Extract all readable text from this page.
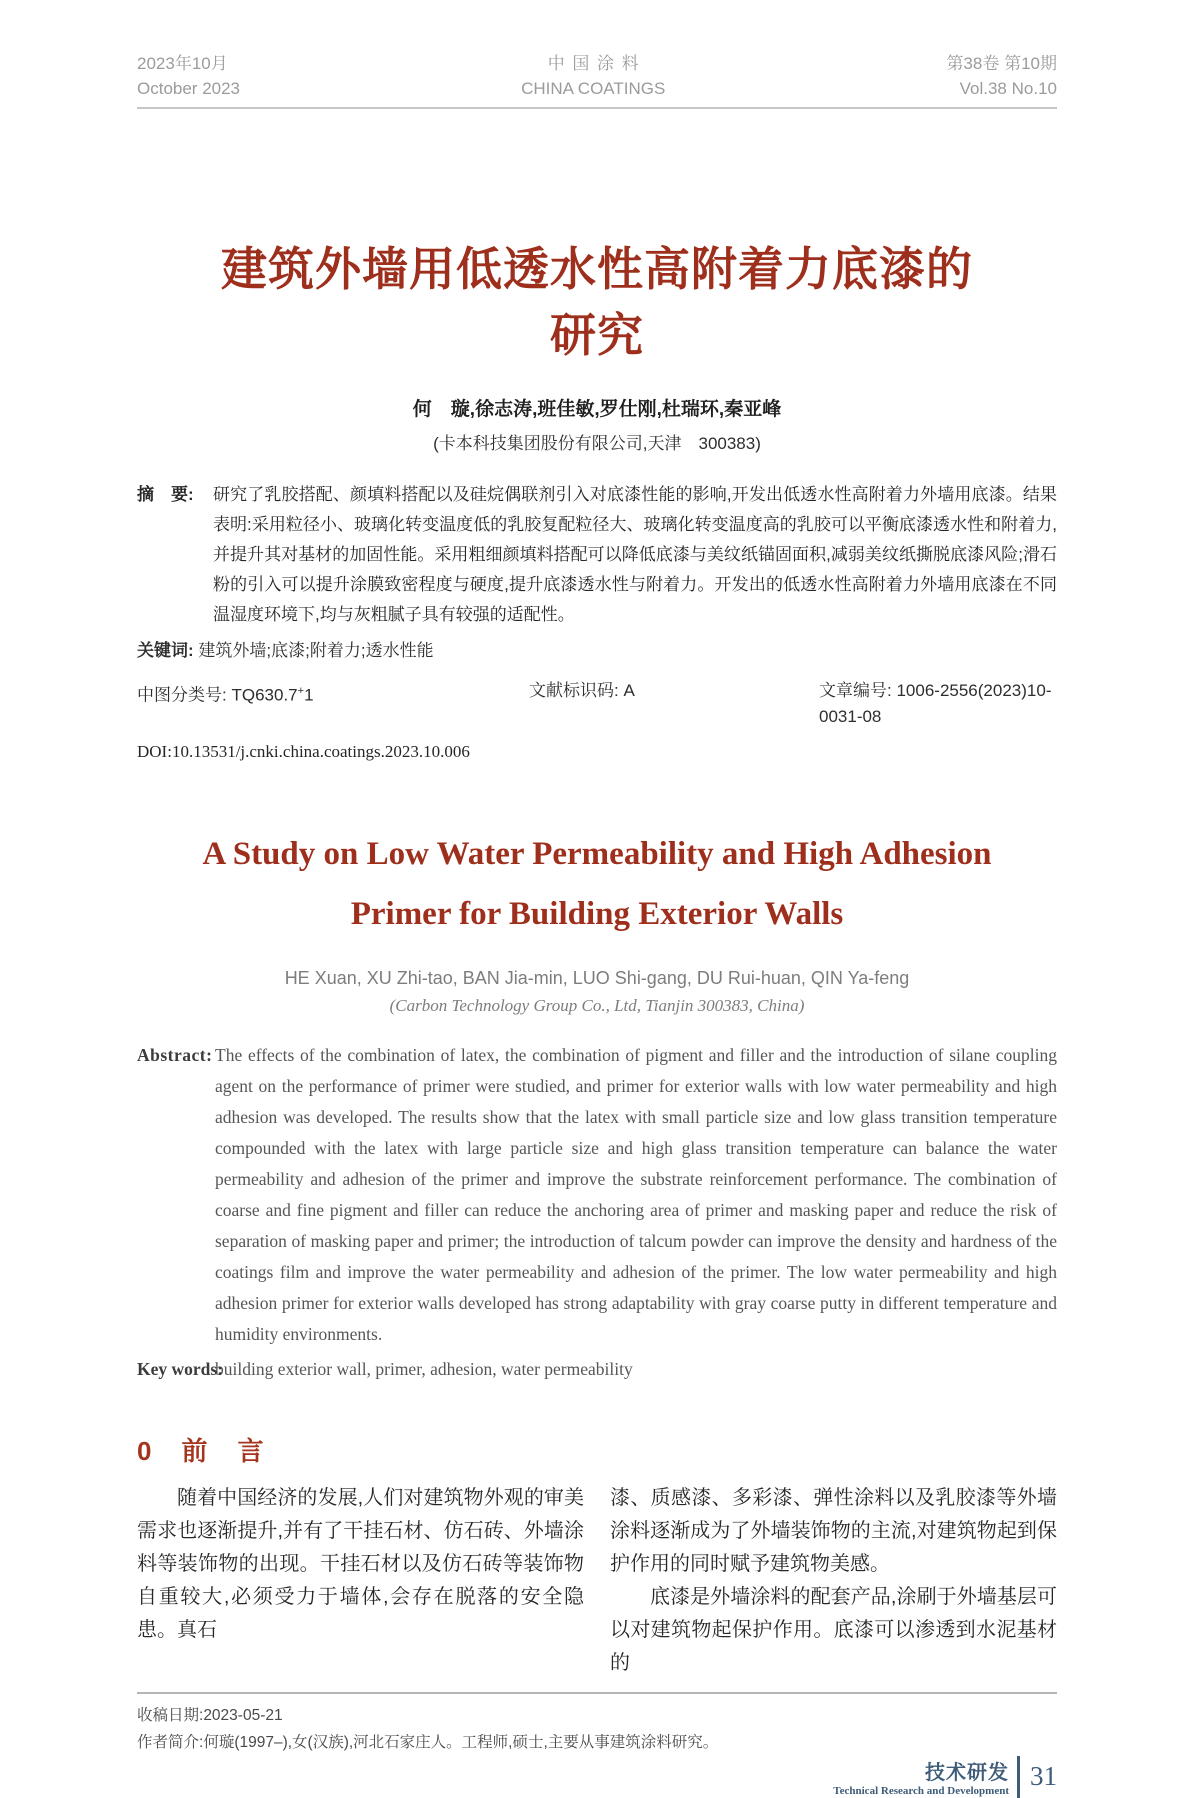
2023年10月
October 2023
中国涂料
CHINA COATINGS
第38卷 第10期
Vol.38 No.10
建筑外墙用低透水性高附着力底漆的
研究
何　璇,徐志涛,班佳敏,罗仕刚,杜瑞环,秦亚峰
(卡本科技集团股份有限公司,天津　300383)
摘　要: 研究了乳胶搭配、颜填料搭配以及硅烷偶联剂引入对底漆性能的影响,开发出低透水性高附着力外墙用底漆。结果表明:采用粒径小、玻璃化转变温度低的乳胶复配粒径大、玻璃化转变温度高的乳胶可以平衡底漆透水性和附着力,并提升其对基材的加固性能。采用粗细颜填料搭配可以降低底漆与美纹纸锚固面积,减弱美纹纸撕脱底漆风险;滑石粉的引入可以提升涂膜致密程度与硬度,提升底漆透水性与附着力。开发出的低透水性高附着力外墙用底漆在不同温湿度环境下,均与灰粗腻子具有较强的适配性。
关键词: 建筑外墙;底漆;附着力;透水性能
中图分类号: TQ630.7+1	文献标识码: A	文章编号: 1006-2556(2023)10-0031-08
DOI:10.13531/j.cnki.china.coatings.2023.10.006
A Study on Low Water Permeability and High Adhesion
Primer for Building Exterior Walls
HE Xuan, XU Zhi-tao, BAN Jia-min, LUO Shi-gang, DU Rui-huan, QIN Ya-feng
(Carbon Technology Group Co., Ltd, Tianjin 300383, China)
Abstract: The effects of the combination of latex, the combination of pigment and filler and the introduction of silane coupling agent on the performance of primer were studied, and primer for exterior walls with low water permeability and high adhesion was developed. The results show that the latex with small particle size and low glass transition temperature compounded with the latex with large particle size and high glass transition temperature can balance the water permeability and adhesion of the primer and improve the substrate reinforcement performance. The combination of coarse and fine pigment and filler can reduce the anchoring area of primer and masking paper and reduce the risk of separation of masking paper and primer; the introduction of talcum powder can improve the density and hardness of the coatings film and improve the water permeability and adhesion of the primer. The low water permeability and high adhesion primer for exterior walls developed has strong adaptability with gray coarse putty in different temperature and humidity environments.
Key words:
building exterior wall, primer, adhesion, water permeability
0 前　言

随着中国经济的发展,人们对建筑物外观的审美需求也逐渐提升,并有了干挂石材、仿石砖、外墙涂料等装饰物的出现。干挂石材以及仿石砖等装饰物自重较大,必须受力于墙体,会存在脱落的安全隐患。真石

漆、质感漆、多彩漆、弹性涂料以及乳胶漆等外墙涂料逐渐成为了外墙装饰物的主流,对建筑物起到保护作用的同时赋予建筑物美感。

底漆是外墙涂料的配套产品,涂刷于外墙基层可以对建筑物起保护作用。底漆可以渗透到水泥基材的

收稿日期:2023-05-21
作者简介:何璇(1997–),女(汉族),河北石家庄人。工程师,硕士,主要从事建筑涂料研究。
技术研发
Technical Research and Development 31
